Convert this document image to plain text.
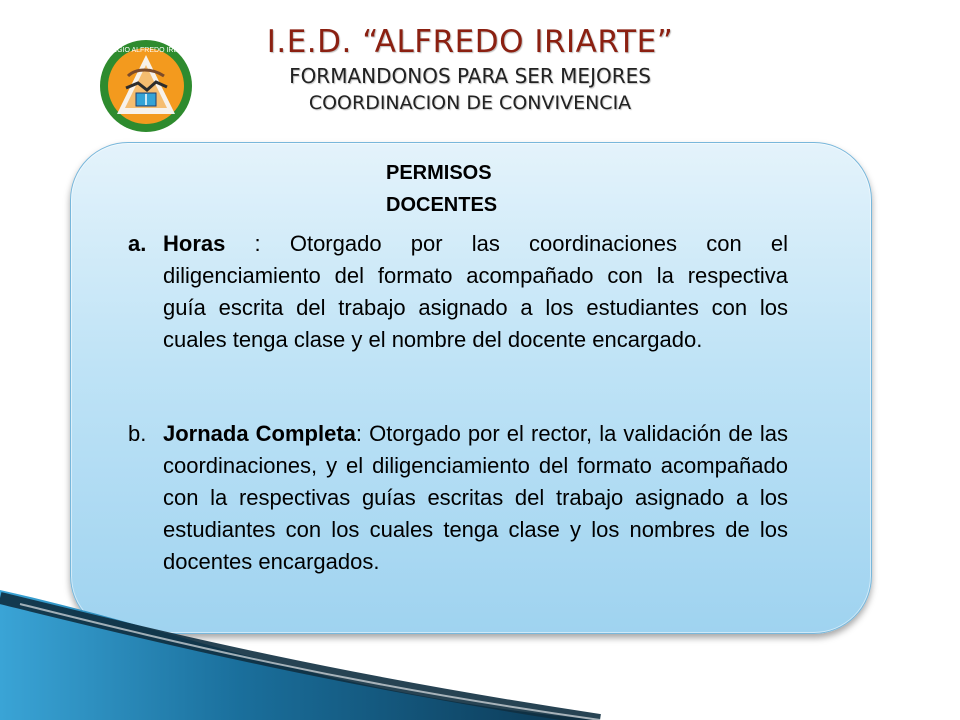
COLEGIO ALFREDO IRIARTE	I.E.D. “ALFREDO IRIARTE”
FORMANDONOS PARA SER MEJORES
COORDINACION DE CONVIVENCIA
PERMISOS
DOCENTES
a. Horas : Otorgado por las coordinaciones con el diligenciamiento del formato acompañado con la respectiva guía escrita del trabajo asignado a los estudiantes con los cuales tenga clase y el nombre del docente encargado.
b. Jornada Completa: Otorgado por el rector, la validación de las coordinaciones, y el diligenciamiento del formato acompañado con la respectivas guías escritas del trabajo asignado a los estudiantes con los cuales tenga clase y los nombres de los docentes encargados.
